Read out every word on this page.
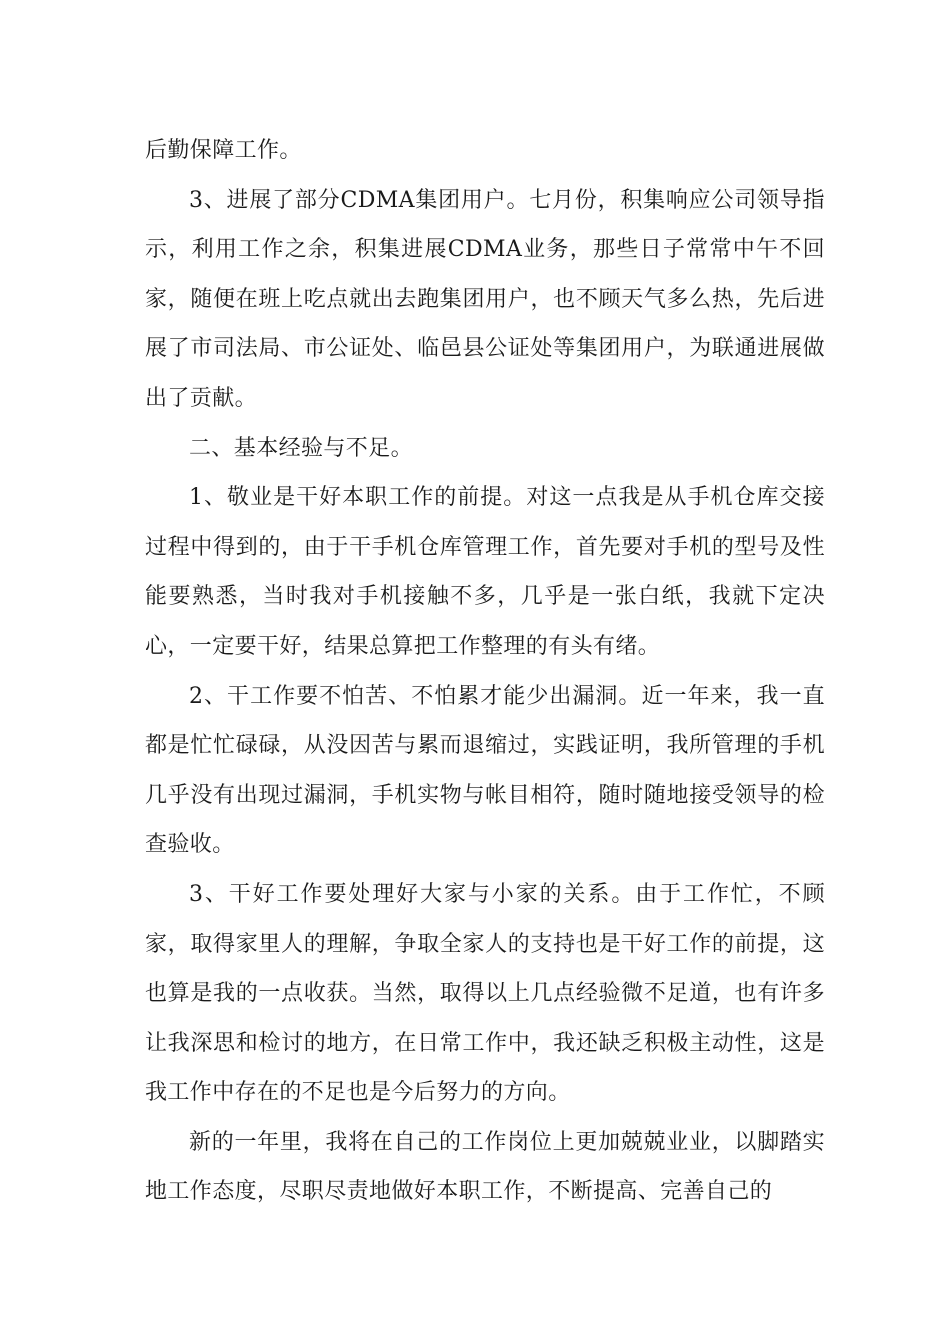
后勤保障工作。

3、进展了部分CDMA集团用户。七月份，积集响应公司领导指示，利用工作之余，积集进展CDMA业务，那些日子常常中午不回家，随便在班上吃点就出去跑集团用户，也不顾天气多么热，先后进展了市司法局、市公证处、临邑县公证处等集团用户，为联通进展做出了贡献。

二、基本经验与不足。

1、敬业是干好本职工作的前提。对这一点我是从手机仓库交接过程中得到的，由于干手机仓库管理工作，首先要对手机的型号及性能要熟悉，当时我对手机接触不多，几乎是一张白纸，我就下定决心，一定要干好，结果总算把工作整理的有头有绪。

2、干工作要不怕苦、不怕累才能少出漏洞。近一年来，我一直都是忙忙碌碌，从没因苦与累而退缩过，实践证明，我所管理的手机几乎没有出现过漏洞，手机实物与帐目相符，随时随地接受领导的检查验收。

3、干好工作要处理好大家与小家的关系。由于工作忙，不顾家，取得家里人的理解，争取全家人的支持也是干好工作的前提，这也算是我的一点收获。当然，取得以上几点经验微不足道，也有许多让我深思和检讨的地方，在日常工作中，我还缺乏积极主动性，这是我工作中存在的不足也是今后努力的方向。

新的一年里，我将在自己的工作岗位上更加兢兢业业，以脚踏实地工作态度，尽职尽责地做好本职工作，不断提高、完善自己的
